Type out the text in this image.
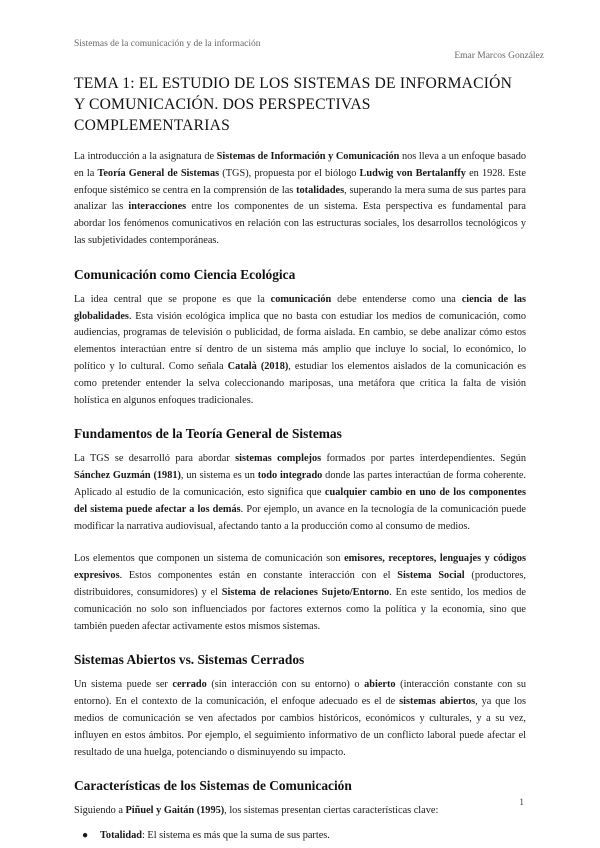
Sistemas de la comunicación y de la información
Emar Marcos González
TEMA 1: EL ESTUDIO DE LOS SISTEMAS DE INFORMACIÓN Y COMUNICACIÓN. DOS PERSPECTIVAS COMPLEMENTARIAS

La introducción a la asignatura de Sistemas de Información y Comunicación nos lleva a un enfoque basado en la Teoría General de Sistemas (TGS), propuesta por el biólogo Ludwig von Bertalanffy en 1928. Este enfoque sistémico se centra en la comprensión de las totalidades, superando la mera suma de sus partes para analizar las interacciones entre los componentes de un sistema. Esta perspectiva es fundamental para abordar los fenómenos comunicativos en relación con las estructuras sociales, los desarrollos tecnológicos y las subjetividades contemporáneas.

Comunicación como Ciencia Ecológica

La idea central que se propone es que la comunicación debe entenderse como una ciencia de las globalidades. Esta visión ecológica implica que no basta con estudiar los medios de comunicación, como audiencias, programas de televisión o publicidad, de forma aislada. En cambio, se debe analizar cómo estos elementos interactúan entre sí dentro de un sistema más amplio que incluye lo social, lo económico, lo político y lo cultural. Como señala Català (2018), estudiar los elementos aislados de la comunicación es como pretender entender la selva coleccionando mariposas, una metáfora que critica la falta de visión holística en algunos enfoques tradicionales.

Fundamentos de la Teoría General de Sistemas

La TGS se desarrolló para abordar sistemas complejos formados por partes interdependientes. Según Sánchez Guzmán (1981), un sistema es un todo integrado donde las partes interactúan de forma coherente. Aplicado al estudio de la comunicación, esto significa que cualquier cambio en uno de los componentes del sistema puede afectar a los demás. Por ejemplo, un avance en la tecnología de la comunicación puede modificar la narrativa audiovisual, afectando tanto a la producción como al consumo de medios.

Los elementos que componen un sistema de comunicación son emisores, receptores, lenguajes y códigos expresivos. Estos componentes están en constante interacción con el Sistema Social (productores, distribuidores, consumidores) y el Sistema de relaciones Sujeto/Entorno. En este sentido, los medios de comunicación no solo son influenciados por factores externos como la política y la economía, sino que también pueden afectar activamente estos mismos sistemas.

Sistemas Abiertos vs. Sistemas Cerrados

Un sistema puede ser cerrado (sin interacción con su entorno) o abierto (interacción constante con su entorno). En el contexto de la comunicación, el enfoque adecuado es el de sistemas abiertos, ya que los medios de comunicación se ven afectados por cambios históricos, económicos y culturales, y a su vez, influyen en estos ámbitos. Por ejemplo, el seguimiento informativo de un conflicto laboral puede afectar el resultado de una huelga, potenciando o disminuyendo su impacto.

Características de los Sistemas de Comunicación

Siguiendo a Piñuel y Gaitán (1995), los sistemas presentan ciertas características clave:

● Totalidad: El sistema es más que la suma de sus partes.
1
